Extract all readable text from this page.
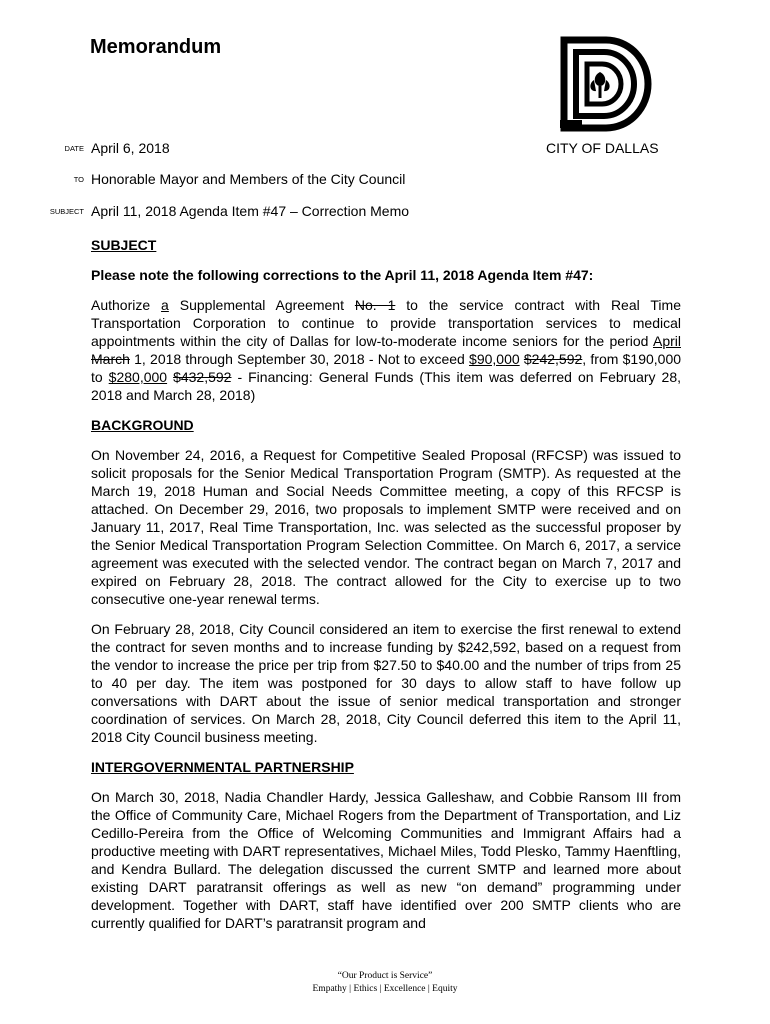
Memorandum
DATE April 6, 2018	CITY OF DALLAS
TO Honorable Mayor and Members of the City Council
SUBJECT April 11, 2018 Agenda Item #47 – Correction Memo
SUBJECT
Please note the following corrections to the April 11, 2018 Agenda Item #47:

Authorize a Supplemental Agreement No. 1 to the service contract with Real Time Transportation Corporation to continue to provide transportation services to medical appointments within the city of Dallas for low-to-moderate income seniors for the period April March 1, 2018 through September 30, 2018 - Not to exceed $90,000 $242,592, from $190,000 to $280,000 $432,592 - Financing: General Funds (This item was deferred on February 28, 2018 and March 28, 2018)

BACKGROUND

On November 24, 2016, a Request for Competitive Sealed Proposal (RFCSP) was issued to solicit proposals for the Senior Medical Transportation Program (SMTP). As requested at the March 19, 2018 Human and Social Needs Committee meeting, a copy of this RFCSP is attached. On December 29, 2016, two proposals to implement SMTP were received and on January 11, 2017, Real Time Transportation, Inc. was selected as the successful proposer by the Senior Medical Transportation Program Selection Committee. On March 6, 2017, a service agreement was executed with the selected vendor. The contract began on March 7, 2017 and expired on February 28, 2018. The contract allowed for the City to exercise up to two consecutive one-year renewal terms.

On February 28, 2018, City Council considered an item to exercise the first renewal to extend the contract for seven months and to increase funding by $242,592, based on a request from the vendor to increase the price per trip from $27.50 to $40.00 and the number of trips from 25 to 40 per day. The item was postponed for 30 days to allow staff to have follow up conversations with DART about the issue of senior medical transportation and stronger coordination of services. On March 28, 2018, City Council deferred this item to the April 11, 2018 City Council business meeting.

INTERGOVERNMENTAL PARTNERSHIP

On March 30, 2018, Nadia Chandler Hardy, Jessica Galleshaw, and Cobbie Ransom III from the Office of Community Care, Michael Rogers from the Department of Transportation, and Liz Cedillo-Pereira from the Office of Welcoming Communities and Immigrant Affairs had a productive meeting with DART representatives, Michael Miles, Todd Plesko, Tammy Haenftling, and Kendra Bullard. The delegation discussed the current SMTP and learned more about existing DART paratransit offerings as well as new “on demand” programming under development. Together with DART, staff have identified over 200 SMTP clients who are currently qualified for DART’s paratransit program and

“Our Product is Service”
Empathy | Ethics | Excellence | Equity
